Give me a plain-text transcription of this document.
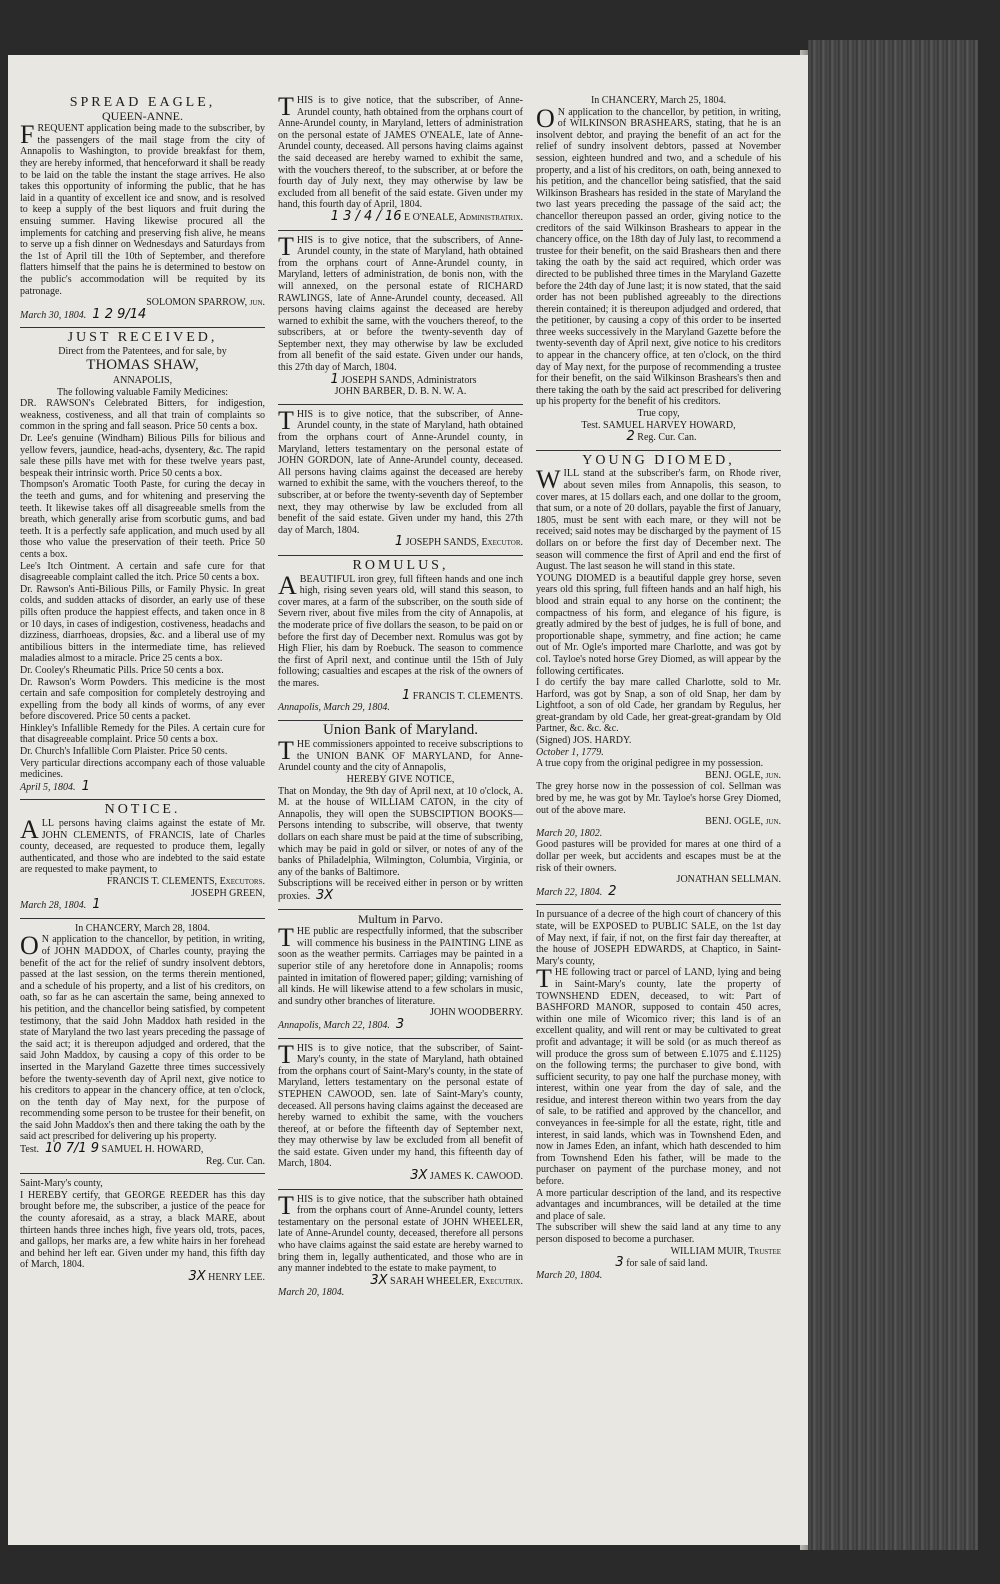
SPREAD EAGLE,
QUEEN-ANNE.

FREQUENT application being made to the subscriber, by the passengers of the mail stage from the city of Annapolis to Washington, to provide breakfast for them, they are hereby informed, that henceforward it shall be ready to be laid on the table the instant the stage arrives. He also takes this opportunity of informing the public, that he has laid in a quantity of excellent ice and snow, and is resolved to keep a supply of the best liquors and fruit during the ensuing summer. Having likewise procured all the implements for catching and preserving fish alive, he means to serve up a fish dinner on Wednesdays and Saturdays from the 1st of April till the 10th of September, and therefore flatters himself that the pains he is determined to bestow on the public's accommodation will be requited by its patronage.

SOLOMON SPARROW, jun.
March 30, 1804. 1 2 9/14
JUST RECEIVED,
Direct from the Patentees, and for sale, by
THOMAS SHAW,
ANNAPOLIS,
The following valuable Family Medicines:

DR. RAWSON's Celebrated Bitters, for indigestion, weakness, costiveness, and all that train of complaints so common in the spring and fall season. Price 50 cents a box.

Dr. Lee's genuine (Windham) Bilious Pills for bilious and yellow fevers, jaundice, head-achs, dysentery, &c. The rapid sale these pills have met with for these twelve years past, bespeak their intrinsic worth. Price 50 cents a box.

Thompson's Aromatic Tooth Paste, for curing the decay in the teeth and gums, and for whitening and preserving the teeth. It likewise takes off all disagreeable smells from the breath, which generally arise from scorbutic gums, and bad teeth. It is a perfectly safe application, and much used by all those who value the preservation of their teeth. Price 50 cents a box.

Lee's Itch Ointment. A certain and safe cure for that disagreeable complaint called the itch. Price 50 cents a box.

Dr. Rawson's Anti-Bilious Pills, or Family Physic. In great colds, and sudden attacks of disorder, an early use of these pills often produce the happiest effects, and taken once in 8 or 10 days, in cases of indigestion, costiveness, headachs and dizziness, diarrhoeas, dropsies, &c. and a liberal use of my antibilious bitters in the intermediate time, has relieved maladies almost to a miracle. Price 25 cents a box.

Dr. Cooley's Rheumatic Pills. Price 50 cents a box.

Dr. Rawson's Worm Powders. This medicine is the most certain and safe composition for completely destroying and expelling from the body all kinds of worms, of any ever before discovered. Price 50 cents a packet.

Hinkley's Infallible Remedy for the Piles. A certain cure for that disagreeable complaint. Price 50 cents a box.

Dr. Church's Infallible Corn Plaister. Price 50 cents.

Very particular directions accompany each of those valuable medicines.

April 5, 1804. 1
NOTICE.

ALL persons having claims against the estate of Mr. JOHN CLEMENTS, of FRANCIS, late of Charles county, deceased, are requested to produce them, legally authenticated, and those who are indebted to the said estate are requested to make payment, to

FRANCIS T. CLEMENTS, Executors.
JOSEPH GREEN,
March 28, 1804. 1
In CHANCERY, March 28, 1804.

O N application to the chancellor, by petition, in writing, of JOHN MADDOX, of Charles county, praying the benefit of the act for the relief of sundry insolvent debtors, passed at the last session, on the terms therein mentioned, and a schedule of his property, and a list of his creditors, on oath, so far as he can ascertain the same, being annexed to his petition, and the chancellor being satisfied, by competent testimony, that the said John Maddox hath resided in the state of Maryland the two last years preceding the passage of the said act; it is thereupon adjudged and ordered, that the said John Maddox, by causing a copy of this order to be inserted in the Maryland Gazette three times successively before the twenty-seventh day of April next, give notice to his creditors to appear in the chancery office, at ten o'clock, on the tenth day of May next, for the purpose of recommending some person to be trustee for their benefit, on the said John Maddox's then and there taking the oath by the said act prescribed for delivering up his property.

Test. 10 7/1 9 SAMUEL H. HOWARD,
Reg. Cur. Can.
Saint-Mary's county,

I HEREBY certify, that GEORGE REEDER has this day brought before me, the subscriber, a justice of the peace for the county aforesaid, as a stray, a black MARE, about thirteen hands three inches high, five years old, trots, paces, and gallops, her marks are, a few white hairs in her forehead and behind her left ear. Given under my hand, this fifth day of March, 1804.

3X HENRY LEE.

THIS is to give notice, that the subscriber, of Anne-Arundel county, hath obtained from the orphans court of Anne-Arundel county, in Maryland, letters of administration on the personal estate of JAMES O'NEALE, late of Anne-Arundel county, deceased. All persons having claims against the said deceased are hereby warned to exhibit the same, with the vouchers thereof, to the subscriber, at or before the fourth day of July next, they may otherwise by law be excluded from all benefit of the said estate. Given under my hand, this fourth day of April, 1804.

1 3 / 4 / 16 E O'NEALE, Administratrix.

THIS is to give notice, that the subscribers, of Anne-Arundel county, in the state of Maryland, hath obtained from the orphans court of Anne-Arundel county, in Maryland, letters of administration, de bonis non, with the will annexed, on the personal estate of RICHARD RAWLINGS, late of Anne-Arundel county, deceased. All persons having claims against the deceased are hereby warned to exhibit the same, with the vouchers thereof, to the subscribers, at or before the twenty-seventh day of September next, they may otherwise by law be excluded from all benefit of the said estate. Given under our hands, this 27th day of March, 1804.

1 JOSEPH SANDS, Administrators
JOHN BARBER, D. B. N. W. A.

THIS is to give notice, that the subscriber, of Anne-Arundel county, in the state of Maryland, hath obtained from the orphans court of Anne-Arundel county, in Maryland, letters testamentary on the personal estate of JOHN GORDON, late of Anne-Arundel county, deceased. All persons having claims against the deceased are hereby warned to exhibit the same, with the vouchers thereof, to the subscriber, at or before the twenty-seventh day of September next, they may otherwise by law be excluded from all benefit of the said estate. Given under my hand, this 27th day of March, 1804.

1 JOSEPH SANDS, Executor.
ROMULUS,

ABEAUTIFUL iron grey, full fifteen hands and one inch high, rising seven years old, will stand this season, to cover mares, at a farm of the subscriber, on the south side of Severn river, about five miles from the city of Annapolis, at the moderate price of five dollars the season, to be paid on or before the first day of December next. Romulus was got by High Flier, his dam by Roebuck. The season to commence the first of April next, and continue until the 15th of July following; casualties and escapes at the risk of the owners of the mares.

1 FRANCIS T. CLEMENTS.
Annapolis, March 29, 1804.
Union Bank of Maryland.

THE commissioners appointed to receive subscriptions to the UNION BANK OF MARYLAND, for Anne-Arundel county and the city of Annapolis,

HEREBY GIVE NOTICE,

That on Monday, the 9th day of April next, at 10 o'clock, A. M. at the house of WILLIAM CATON, in the city of Annapolis, they will open the SUBSCIPTION BOOKS—Persons intending to subscribe, will observe, that twenty dollars on each share must be paid at the time of subscribing, which may be paid in gold or silver, or notes of any of the banks of Philadelphia, Wilmington, Columbia, Virginia, or any of the banks of Baltimore.

Subscriptions will be received either in person or by written proxies. 3X

Multum in Parvo.

THE public are respectfully informed, that the subscriber will commence his business in the PAINTING LINE as soon as the weather permits. Carriages may be painted in a superior stile of any heretofore done in Annapolis; rooms painted in imitation of flowered paper; gilding; varnishing of all kinds. He will likewise attend to a few scholars in music, and sundry other branches of literature.

JOHN WOODBERRY.
Annapolis, March 22, 1804. 3

THIS is to give notice, that the subscriber, of Saint-Mary's county, in the state of Maryland, hath obtained from the orphans court of Saint-Mary's county, in the state of Maryland, letters testamentary on the personal estate of STEPHEN CAWOOD, sen. late of Saint-Mary's county, deceased. All persons having claims against the deceased are hereby warned to exhibit the same, with the vouchers thereof, at or before the fifteenth day of September next, they may otherwise by law be excluded from all benefit of the said estate. Given under my hand, this fifteenth day of March, 1804.

3X JAMES K. CAWOOD.

THIS is to give notice, that the subscriber hath obtained from the orphans court of Anne-Arundel county, letters testamentary on the personal estate of JOHN WHEELER, late of Anne-Arundel county, deceased, therefore all persons who have claims against the said estate are hereby warned to bring them in, legally authenticated, and those who are in any manner indebted to the estate to make payment, to

3X SARAH WHEELER, Executrix.
March 20, 1804.
In CHANCERY, March 25, 1804.

O N application to the chancellor, by petition, in writing, of WILKINSON BRASHEARS, stating, that he is an insolvent debtor, and praying the benefit of an act for the relief of sundry insolvent debtors, passed at November session, eighteen hundred and two, and a schedule of his property, and a list of his creditors, on oath, being annexed to his petition, and the chancellor being satisfied, that the said Wilkinson Brashears has resided in the state of Maryland the two last years preceding the passage of the said act; the chancellor thereupon passed an order, giving notice to the creditors of the said Wilkinson Brashears to appear in the chancery office, on the 18th day of July last, to recommend a trustee for their benefit, on the said Brashears then and there taking the oath by the said act required, which order was directed to be published three times in the Maryland Gazette before the 24th day of June last; it is now stated, that the said order has not been published agreeably to the directions therein contained; it is thereupon adjudged and ordered, that the petitioner, by causing a copy of this order to be inserted three weeks successively in the Maryland Gazette before the twenty-seventh day of April next, give notice to his creditors to appear in the chancery office, at ten o'clock, on the third day of May next, for the purpose of recommending a trustee for their benefit, on the said Wilkinson Brashears's then and there taking the oath by the said act prescribed for delivering up his property for the benefit of his creditors.

True copy,
Test. SAMUEL HARVEY HOWARD,
2 Reg. Cur. Can.
YOUNG DIOMED,

WILL stand at the subscriber's farm, on Rhode river, about seven miles from Annapolis, this season, to cover mares, at 15 dollars each, and one dollar to the groom, that sum, or a note of 20 dollars, payable the first of January, 1805, must be sent with each mare, or they will not be received; said notes may be discharged by the payment of 15 dollars on or before the first day of December next. The season will commence the first of April and end the first of August. The last season he will stand in this state.

YOUNG DIOMED is a beautiful dapple grey horse, seven years old this spring, full fifteen hands and an half high, his blood and strain equal to any horse on the continent; the compactness of his form, and elegance of his figure, is greatly admired by the best of judges, he is full of bone, and proportionable shape, symmetry, and fine action; he came out of Mr. Ogle's imported mare Charlotte, and was got by col. Tayloe's noted horse Grey Diomed, as will appear by the following certificates.

I do certify the bay mare called Charlotte, sold to Mr. Harford, was got by Snap, a son of old Snap, her dam by Lightfoot, a son of old Cade, her grandam by Regulus, her great-grandam by old Cade, her great-great-grandam by Old Partner, &c. &c. &c.

(Signed) JOS. HARDY.
October 1, 1779.

A true copy from the original pedigree in my possession.

BENJ. OGLE, jun.

The grey horse now in the possession of col. Sellman was bred by me, he was got by Mr. Tayloe's horse Grey Diomed, out of the above mare.

BENJ. OGLE, jun.
March 20, 1802.

Good pastures will be provided for mares at one third of a dollar per week, but accidents and escapes must be at the risk of their owners.

JONATHAN SELLMAN.
March 22, 1804. 2

In pursuance of a decree of the high court of chancery of this state, will be EXPOSED to PUBLIC SALE, on the 1st day of May next, if fair, if not, on the first fair day thereafter, at the house of JOSEPH EDWARDS, at Chaptico, in Saint-Mary's county,

THE following tract or parcel of LAND, lying and being in Saint-Mary's county, late the property of TOWNSHEND EDEN, deceased, to wit: Part of BASHFORD MANOR, supposed to contain 450 acres, within one mile of Wicomico river; this land is of an excellent quality, and will rent or may be cultivated to great profit and advantage; it will be sold (or as much thereof as will produce the gross sum of between £.1075 and £.1125) on the following terms; the purchaser to give bond, with sufficient security, to pay one half the purchase money, with interest, within one year from the day of sale, and the residue, and interest thereon within two years from the day of sale, to be ratified and approved by the chancellor, and conveyances in fee-simple for all the estate, right, title and interest, in said lands, which was in Townshend Eden, and now in James Eden, an infant, which hath descended to him from Townshend Eden his father, will be made to the purchaser on payment of the purchase money, and not before.

A more particular description of the land, and its respective advantages and incumbrances, will be detailed at the time and place of sale.

The subscriber will shew the said land at any time to any person disposed to become a purchaser.

WILLIAM MUIR, Trustee
3 for sale of said land.
March 20, 1804.
